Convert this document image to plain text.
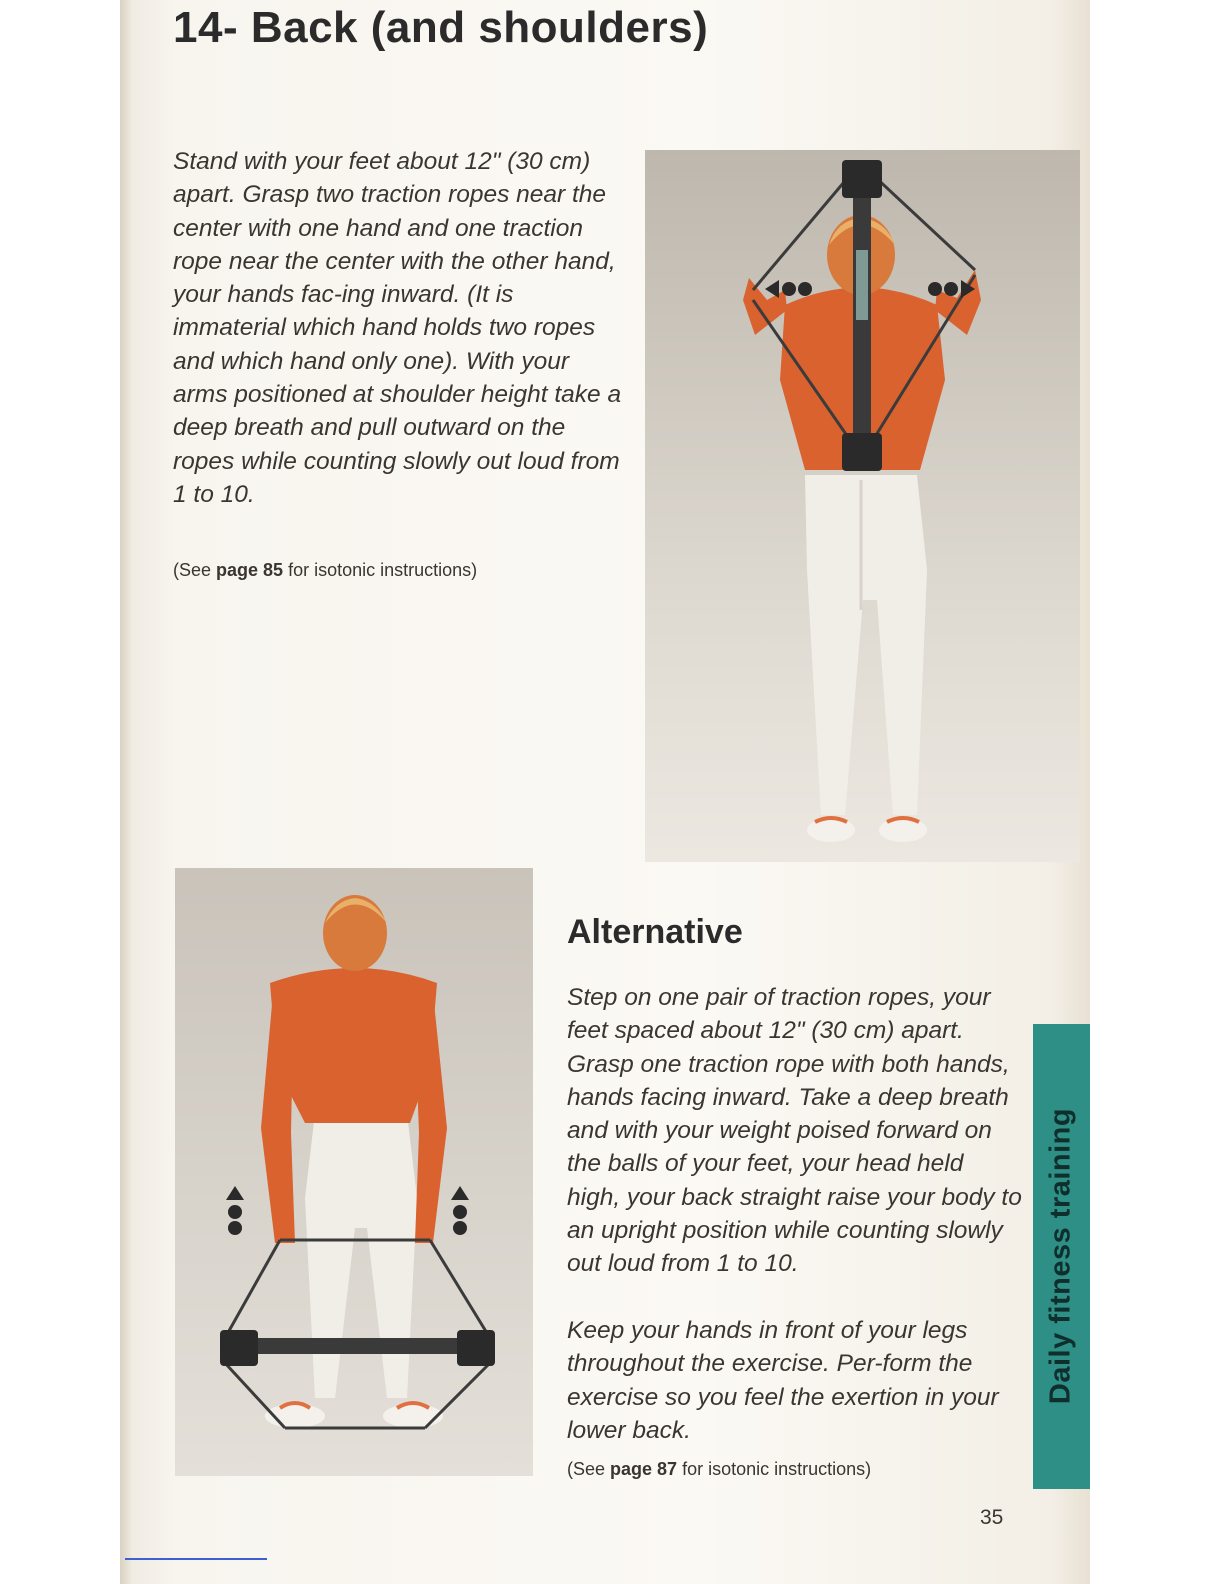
14- Back (and shoulders)

Stand with your feet about 12" (30 cm) apart. Grasp two traction ropes near the center with one hand and one traction rope near the center with the other hand, your hands fac-ing inward. (It is immaterial which hand holds two ropes and which hand only one). With your arms positioned at shoulder height take a deep breath and pull outward on the ropes while counting slowly out loud from 1 to 10.

(See page 85 for isotonic instructions)

Alternative

Step on one pair of traction ropes, your feet spaced about 12" (30 cm) apart. Grasp one traction rope with both hands, hands facing inward. Take a deep breath and with your weight poised forward on the balls of your feet, your head held high, your back straight raise your body to an upright position while counting slowly out loud from 1 to 10.

Keep your hands in front of your legs throughout the exercise. Per-form the exercise so you feel the exertion in your lower back.

(See page 87 for isotonic instructions)

Daily fitness training
35
